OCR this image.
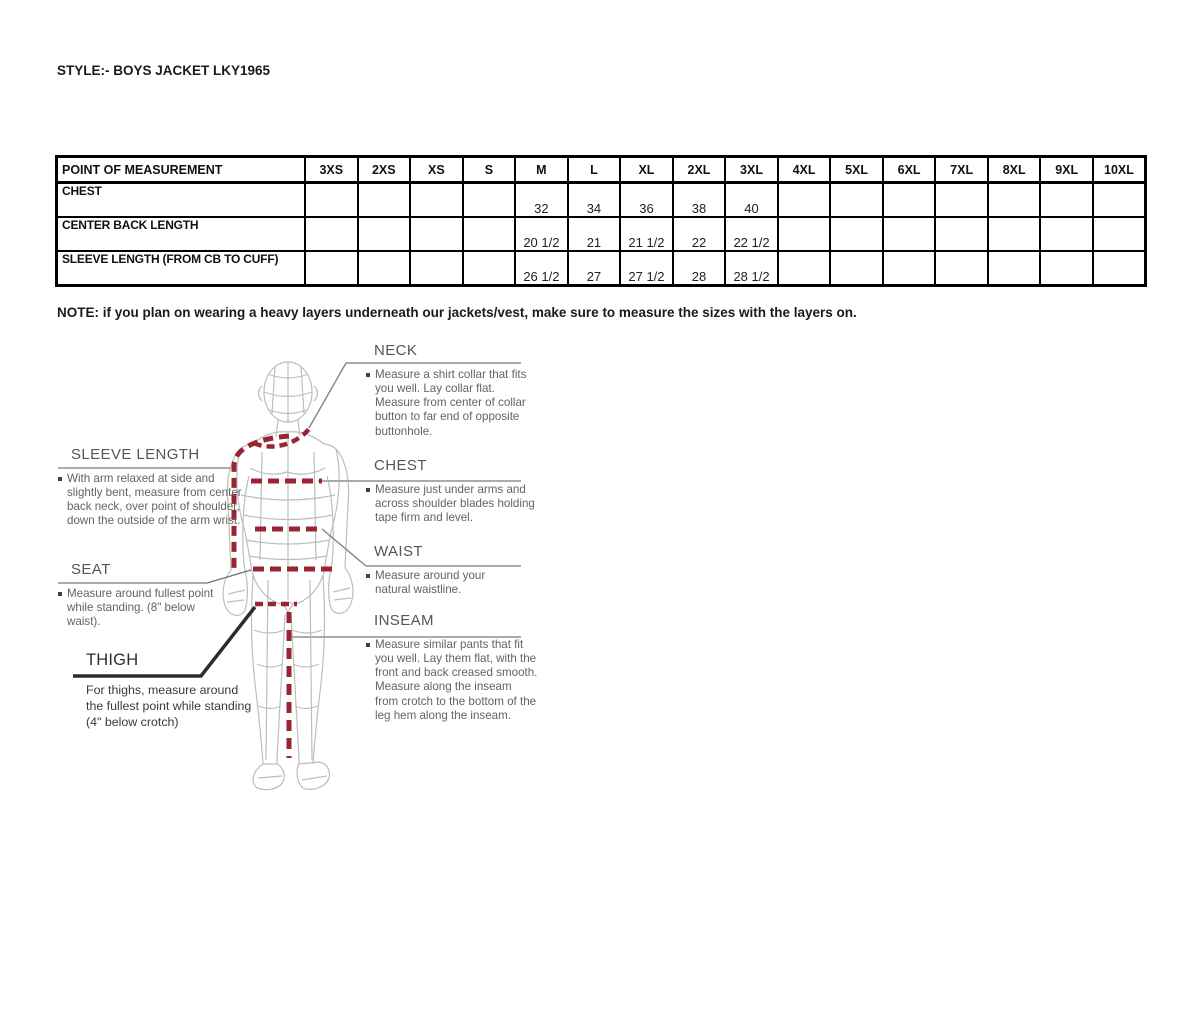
STYLE:- BOYS JACKET LKY1965
POINT OF MEASUREMENT	3XS	2XS	XS	S	M	L	XL	2XL	3XL	4XL	5XL	6XL	7XL	8XL	9XL	10XL
CHEST					32	34	36	38	40							
CENTER BACK LENGTH					20 1/2	21	21 1/2	22	22 1/2							
SLEEVE LENGTH (FROM CB TO CUFF)					26 1/2	27	27 1/2	28	28 1/2							
NOTE: if you plan on wearing a heavy layers underneath our jackets/vest, make sure to measure the sizes with the layers on.
NECK
Measure a shirt collar that fits you well. Lay collar flat. Measure from center of collar button to far end of opposite buttonhole.
SLEEVE LENGTH
With arm relaxed at side and slightly bent, measure from center back neck, over point of shoulder, down the outside of the arm wrist.
CHEST
Measure just under arms and across shoulder blades holding tape firm and level.
WAIST
Measure around your natural waistline.
SEAT
Measure around fullest point while standing. (8" below waist).	INSEAM
Measure similar pants that fit you well. Lay them flat, with the front and back creased smooth. Measure along the inseam from crotch to the bottom of the leg hem along the inseam.
THIGH
For thighs, measure around the fullest point while standing (4" below crotch)
